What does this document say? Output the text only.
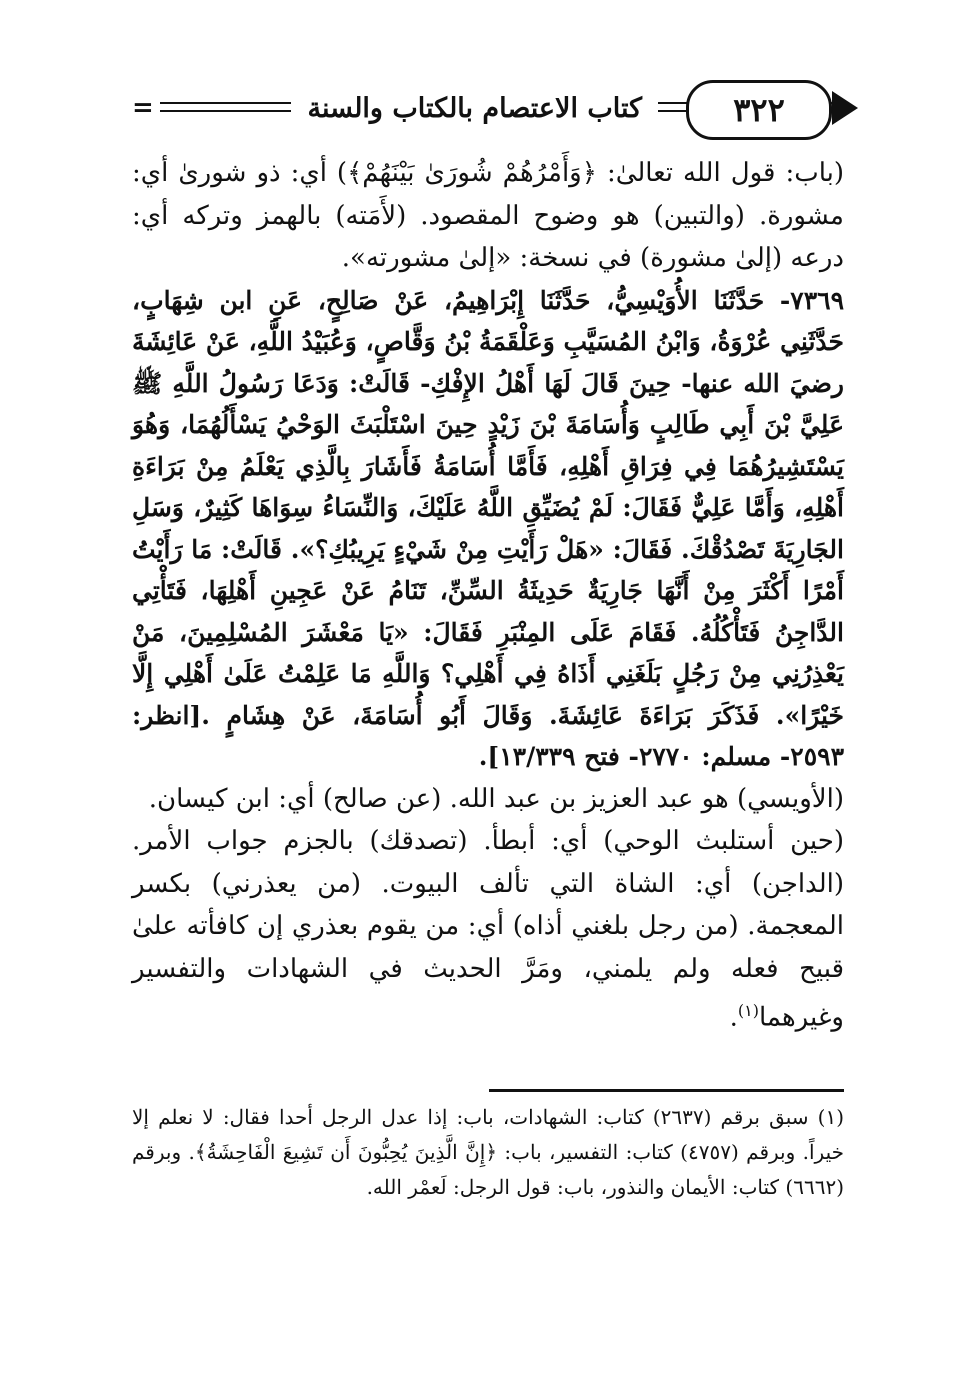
=	كتاب الاعتصام بالكتاب والسنة	٣٢٢

(باب: قول الله تعالىٰ: ﴿وَأَمْرُهُمْ شُورَىٰ بَيْنَهُمْ﴾) أي: ذو شورىٰ أي: مشورة. (والتبين) هو وضوح المقصود. (لأَمَته) بالهمز وتركه أي: درعه (إلىٰ مشورة) في نسخة: «إلىٰ مشورته».

٧٣٦٩- حَدَّثَنَا الأُوَيْسِيُّ، حَدَّثَنَا إِبْرَاهِيمُ، عَنْ صَالِحٍ، عَنِ ابن شِهَابٍ، حَدَّثَنِي عُرْوَةُ، وَابْنُ المُسَيَّبِ وَعَلْقَمَةُ بْنُ وَقَّاصٍ، وَعُبَيْدُ اللَّهِ، عَنْ عَائِشَةَ رضيَ الله عنها- حِينَ قَالَ لَهَا أَهْلُ الإِفْكِ- قَالَتْ: وَدَعَا رَسُولُ اللَّهِ ﷺ عَلِيَّ بْنَ أَبِي طَالِبٍ وَأُسَامَةَ بْنَ زَيْدٍ حِينَ اسْتَلْبَثَ الوَحْيُ يَسْأَلُهُمَا، وَهُوَ يَسْتَشِيرُهُمَا فِي فِرَاقِ أَهْلِهِ، فَأَمَّا أُسَامَةُ فَأَشَارَ بِالَّذِي يَعْلَمُ مِنْ بَرَاءَةِ أَهْلِهِ، وَأَمَّا عَلِيٌّ فَقَالَ: لَمْ يُضَيِّقِ اللَّهُ عَلَيْكَ، وَالنِّسَاءُ سِوَاهَا كَثِيرٌ، وَسَلِ الجَارِيَةَ تَصْدُقْكَ. فَقَالَ: «هَلْ رَأَيْتِ مِنْ شَيْءٍ يَرِيبُكِ؟». قَالَتْ: مَا رَأَيْتُ أَمْرًا أَكْثَرَ مِنْ أَنَّهَا جَارِيَةٌ حَدِيثَةُ السِّنِّ، تَنَامُ عَنْ عَجِينِ أَهْلِهَا، فَتَأْتِي الدَّاجِنُ فَتَأْكُلُهُ. فَقَامَ عَلَى المِنْبَرِ فَقَالَ: «يَا مَعْشَرَ المُسْلِمِينَ، مَنْ يَعْذِرُنِي مِنْ رَجُلٍ بَلَغَنِي أَذَاهُ فِي أَهْلِي؟ وَاللَّهِ مَا عَلِمْتُ عَلَىٰ أَهْلِي إِلَّا خَيْرًا». فَذَكَرَ بَرَاءَةَ عَائِشَةَ. وَقَالَ أَبُو أُسَامَةَ، عَنْ هِشَامٍ .[انظر: ٢٥٩٣- مسلم: ٢٧٧٠- فتح ١٣/٣٣٩].

(الأويسي) هو عبد العزيز بن عبد الله. (عن صالح) أي: ابن كيسان.

(حين أستلبث الوحي) أي: أبطأ. (تصدقك) بالجزم جواب الأمر. (الداجن) أي: الشاة التي تألف البيوت. (من يعذرني) بكسر المعجمة. (من رجل بلغني أذاه) أي: من يقوم بعذري إن كافأته علىٰ قبيح فعله ولم يلمني، ومَرَّ الحديث في الشهادات والتفسير وغيرهما$^{(١)}$.

(١) سبق برقم (٢٦٣٧) كتاب: الشهادات، باب: إذا عدل الرجل أحدا فقال: لا نعلم إلا خيراً. وبرقم (٤٧٥٧) كتاب: التفسير، باب: ﴿إِنَّ الَّذِينَ يُحِبُّونَ أَن تَشِيعَ الْفَاحِشَةُ﴾. وبرقم (٦٦٦٢) كتاب: الأيمان والنذور، باب: قول الرجل: لَعمْر الله.
